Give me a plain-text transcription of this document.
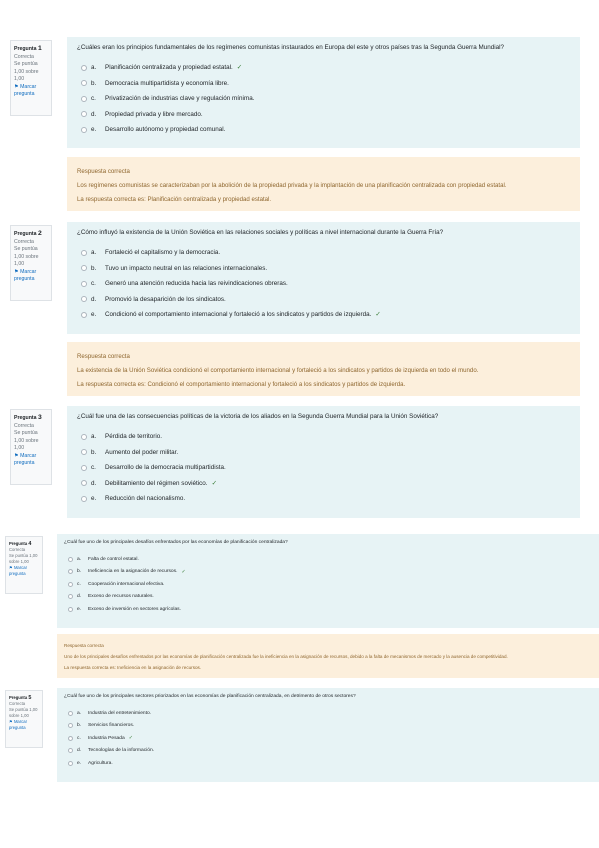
Pregunta 1
Correcta
Se puntúa 1,00 sobre 1,00
⚑ Marcar pregunta
¿Cuáles eran los principios fundamentales de los regímenes comunistas instaurados en Europa del este y otros países tras la Segunda Guerra Mundial?
a.	Planificación centralizada y propiedad estatal. ✓
b.	Democracia multipartidista y economía libre.
c.	Privatización de industrias clave y regulación mínima.
d.	Propiedad privada y libre mercado.
e.	Desarrollo autónomo y propiedad comunal.
Respuesta correcta
Los regímenes comunistas se caracterizaban por la abolición de la propiedad privada y la implantación de una planificación centralizada con propiedad estatal.
La respuesta correcta es: Planificación centralizada y propiedad estatal.
Pregunta 2
Correcta
Se puntúa 1,00 sobre 1,00
⚑ Marcar pregunta
¿Cómo influyó la existencia de la Unión Soviética en las relaciones sociales y políticas a nivel internacional durante la Guerra Fría?
a.	Fortaleció el capitalismo y la democracia.
b.	Tuvo un impacto neutral en las relaciones internacionales.
c.	Generó una atención reducida hacia las reivindicaciones obreras.
d.	Promovió la desaparición de los sindicatos.
e.	Condicionó el comportamiento internacional y fortaleció a los sindicatos y partidos de izquierda. ✓
Respuesta correcta
La existencia de la Unión Soviética condicionó el comportamiento internacional y fortaleció a los sindicatos y partidos de izquierda en todo el mundo.
La respuesta correcta es: Condicionó el comportamiento internacional y fortaleció a los sindicatos y partidos de izquierda.
Pregunta 3
Correcta
Se puntúa 1,00 sobre 1,00
⚑ Marcar pregunta
¿Cuál fue una de las consecuencias políticas de la victoria de los aliados en la Segunda Guerra Mundial para la Unión Soviética?
a.	Pérdida de territorio.
b.	Aumento del poder militar.
c.	Desarrollo de la democracia multipartidista.
d.	Debilitamiento del régimen soviético. ✓
e.	Reducción del nacionalismo.
Pregunta 4
Correcta
Se puntúa 1,00 sobre 1,00
⚑ Marcar pregunta
¿Cuál fue uno de los principales desafíos enfrentados por las economías de planificación centralizada?
a.	Falta de control estatal.
b.	Ineficiencia en la asignación de recursos. ✓
c.	Cooperación internacional efectiva.
d.	Exceso de recursos naturales.
e.	Exceso de inversión en sectores agrícolas.
Respuesta correcta
Uno de los principales desafíos enfrentados por las economías de planificación centralizada fue la ineficiencia en la asignación de recursos, debido a la falta de mecanismos de mercado y la ausencia de competitividad.
La respuesta correcta es: Ineficiencia en la asignación de recursos.
Pregunta 5
Correcta
Se puntúa 1,00 sobre 1,00
⚑ Marcar pregunta
¿Cuál fue uno de los principales sectores priorizados en las economías de planificación centralizada, en detrimento de otros sectores?
a.	Industria del entretenimiento.
b.	Servicios financieros.
c.	Industria Pesada ✓
d.	Tecnologías de la información.
e.	Agricultura.
